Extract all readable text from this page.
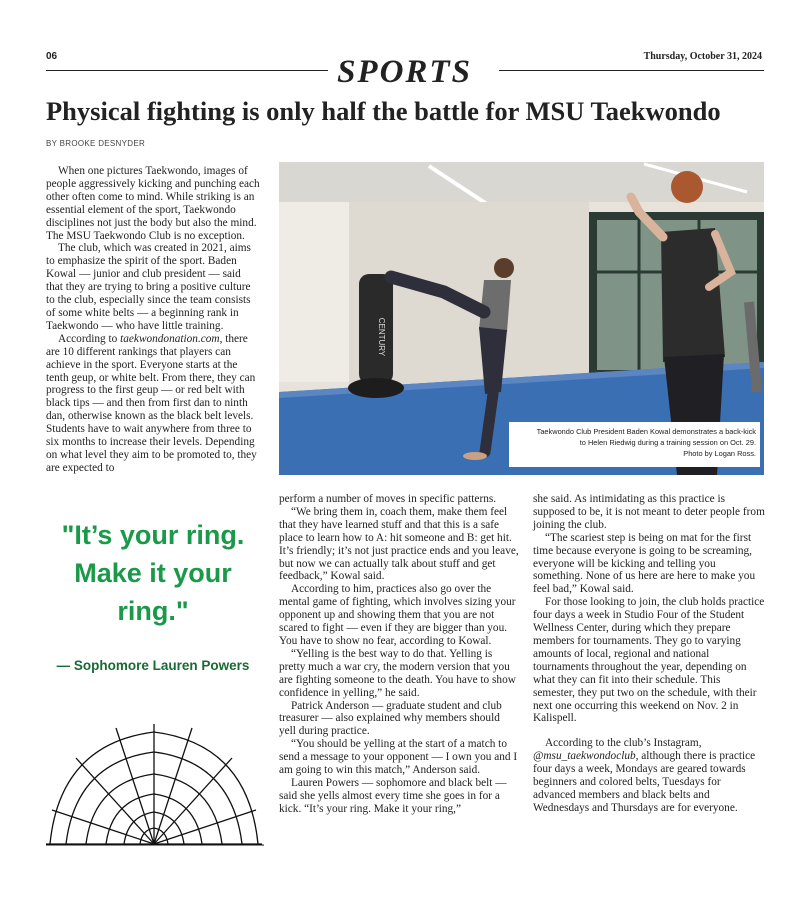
06	SPORTS	Thursday, October 31, 2024
Physical fighting is only half the battle for MSU Taekwondo
BY BROOKE DESNYDER

When one pictures Taekwondo, images of people aggressively kicking and punching each other often come to mind. While striking is an essential element of the sport, Taekwondo disciplines not just the body but also the mind. The MSU Taekwondo Club is no exception.

The club, which was created in 2021, aims to emphasize the spirit of the sport. Baden Kowal — junior and club president — said that they are trying to bring a positive culture to the club, especially since the team consists of some white belts — a beginning rank in Taekwondo — who have little training.

According to taekwondonation.com, there are 10 different rankings that players can achieve in the sport. Everyone starts at the tenth geup, or white belt. From there, they can progress to the first geup — or red belt with black tips — and then from first dan to ninth dan, otherwise known as the black belt levels. Students have to wait anywhere from three to six months to increase their levels. Depending on what level they aim to be promoted to, they are expected to

CENTURY
Taekwondo Club President Baden Kowal demonstrates a back-kick
to Helen Riedwig during a training session on Oct. 29.
Photo by Logan Ross.

perform a number of moves in specific patterns.

“We bring them in, coach them, make them feel that they have learned stuff and that this is a safe place to learn how to A: hit someone and B: get hit. It’s friendly; it’s not just practice ends and you leave, but now we can actually talk about stuff and get feedback,” Kowal said.

According to him, practices also go over the mental game of fighting, which involves sizing your opponent up and showing them that you are not scared to fight — even if they are bigger than you. You have to show no fear, according to Kowal.

“Yelling is the best way to do that. Yelling is pretty much a war cry, the modern version that you are fighting someone to the death. You have to show confidence in yelling,” he said.

Patrick Anderson — graduate student and club treasurer — also explained why members should yell during practice.

“You should be yelling at the start of a match to send a message to your opponent — I own you and I am going to win this match,” Anderson said.

Lauren Powers — sophomore and black belt — said she yells almost every time she goes in for a kick. “It’s your ring. Make it your ring,”

she said. As intimidating as this practice is supposed to be, it is not meant to deter people from joining the club.

“The scariest step is being on mat for the first time because everyone is going to be screaming, everyone will be kicking and telling you something. None of us here are here to make you feel bad,” Kowal said.

For those looking to join, the club holds practice four days a week in Studio Four of the Student Wellness Center, during which they prepare members for tournaments. They go to varying amounts of local, regional and national tournaments throughout the year, depending on what they can fit into their schedule. This semester, they put two on the schedule, with their next one occurring this weekend on Nov. 2 in Kalispell.

According to the club’s Instagram, @msu_taekwondoclub, although there is practice four days a week, Mondays are geared towards beginners and colored belts, Tuesdays for advanced members and black belts and Wednesdays and Thursdays are for everyone.

"It’s your ring. Make it your ring."
— Sophomore Lauren Powers
